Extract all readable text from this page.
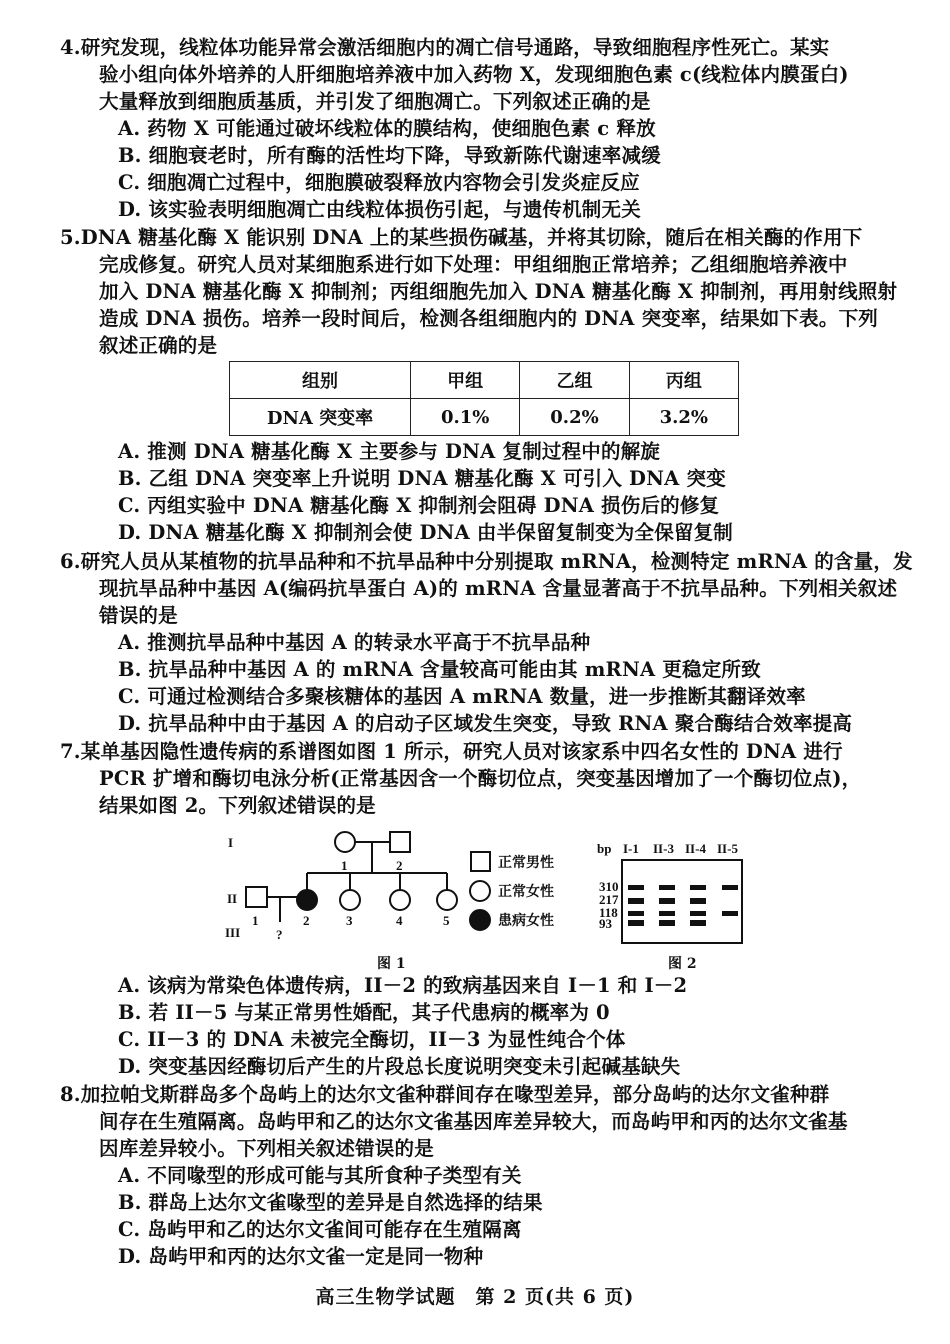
4.研究发现，线粒体功能异常会激活细胞内的凋亡信号通路，导致细胞程序性死亡。某实
验小组向体外培养的人肝细胞培养液中加入药物 X，发现细胞色素 c(线粒体内膜蛋白)
大量释放到细胞质基质，并引发了细胞凋亡。下列叙述正确的是
A. 药物 X 可能通过破坏线粒体的膜结构，使细胞色素 c 释放
B. 细胞衰老时，所有酶的活性均下降，导致新陈代谢速率减缓
C. 细胞凋亡过程中，细胞膜破裂释放内容物会引发炎症反应
D. 该实验表明细胞凋亡由线粒体损伤引起，与遗传机制无关
5.DNA 糖基化酶 X 能识别 DNA 上的某些损伤碱基，并将其切除，随后在相关酶的作用下
完成修复。研究人员对某细胞系进行如下处理：甲组细胞正常培养；乙组细胞培养液中
加入 DNA 糖基化酶 X 抑制剂；丙组细胞先加入 DNA 糖基化酶 X 抑制剂，再用射线照射
造成 DNA 损伤。培养一段时间后，检测各组细胞内的 DNA 突变率，结果如下表。下列
叙述正确的是
组别	甲组	乙组	丙组
DNA 突变率	0.1%	0.2%	3.2%
A. 推测 DNA 糖基化酶 X 主要参与 DNA 复制过程中的解旋
B. 乙组 DNA 突变率上升说明 DNA 糖基化酶 X 可引入 DNA 突变
C. 丙组实验中 DNA 糖基化酶 X 抑制剂会阻碍 DNA 损伤后的修复
D. DNA 糖基化酶 X 抑制剂会使 DNA 由半保留复制变为全保留复制
6.研究人员从某植物的抗旱品种和不抗旱品种中分别提取 mRNA，检测特定 mRNA 的含量，发
现抗旱品种中基因 A(编码抗旱蛋白 A)的 mRNA 含量显著高于不抗旱品种。下列相关叙述
错误的是
A. 推测抗旱品种中基因 A 的转录水平高于不抗旱品种
B. 抗旱品种中基因 A 的 mRNA 含量较高可能由其 mRNA 更稳定所致
C. 可通过检测结合多聚核糖体的基因 A mRNA 数量，进一步推断其翻译效率
D. 抗旱品种中由于基因 A 的启动子区域发生突变，导致 RNA 聚合酶结合效率提高
7.某单基因隐性遗传病的系谱图如图 1 所示，研究人员对该家系中四名女性的 DNA 进行
PCR 扩增和酶切电泳分析(正常基因含一个酶切位点，突变基因增加了一个酶切位点)，
结果如图 2。下列叙述错误的是
I
II
III
1	2
1	2	3	4	5
?
正常男性
正常女性
患病女性
图 1
bp I-1 II-3 II-4 II-5
310
217
118
93
图 2
A. 该病为常染色体遗传病，II－2 的致病基因来自 I－1 和 I－2
B. 若 II－5 与某正常男性婚配，其子代患病的概率为 0
C. II－3 的 DNA 未被完全酶切，II－3 为显性纯合个体
D. 突变基因经酶切后产生的片段总长度说明突变未引起碱基缺失
8.加拉帕戈斯群岛多个岛屿上的达尔文雀种群间存在喙型差异，部分岛屿的达尔文雀种群
间存在生殖隔离。岛屿甲和乙的达尔文雀基因库差异较大，而岛屿甲和丙的达尔文雀基
因库差异较小。下列相关叙述错误的是
A. 不同喙型的形成可能与其所食种子类型有关
B. 群岛上达尔文雀喙型的差异是自然选择的结果
C. 岛屿甲和乙的达尔文雀间可能存在生殖隔离
D. 岛屿甲和丙的达尔文雀一定是同一物种
高三生物学试题　第 2 页(共 6 页)
